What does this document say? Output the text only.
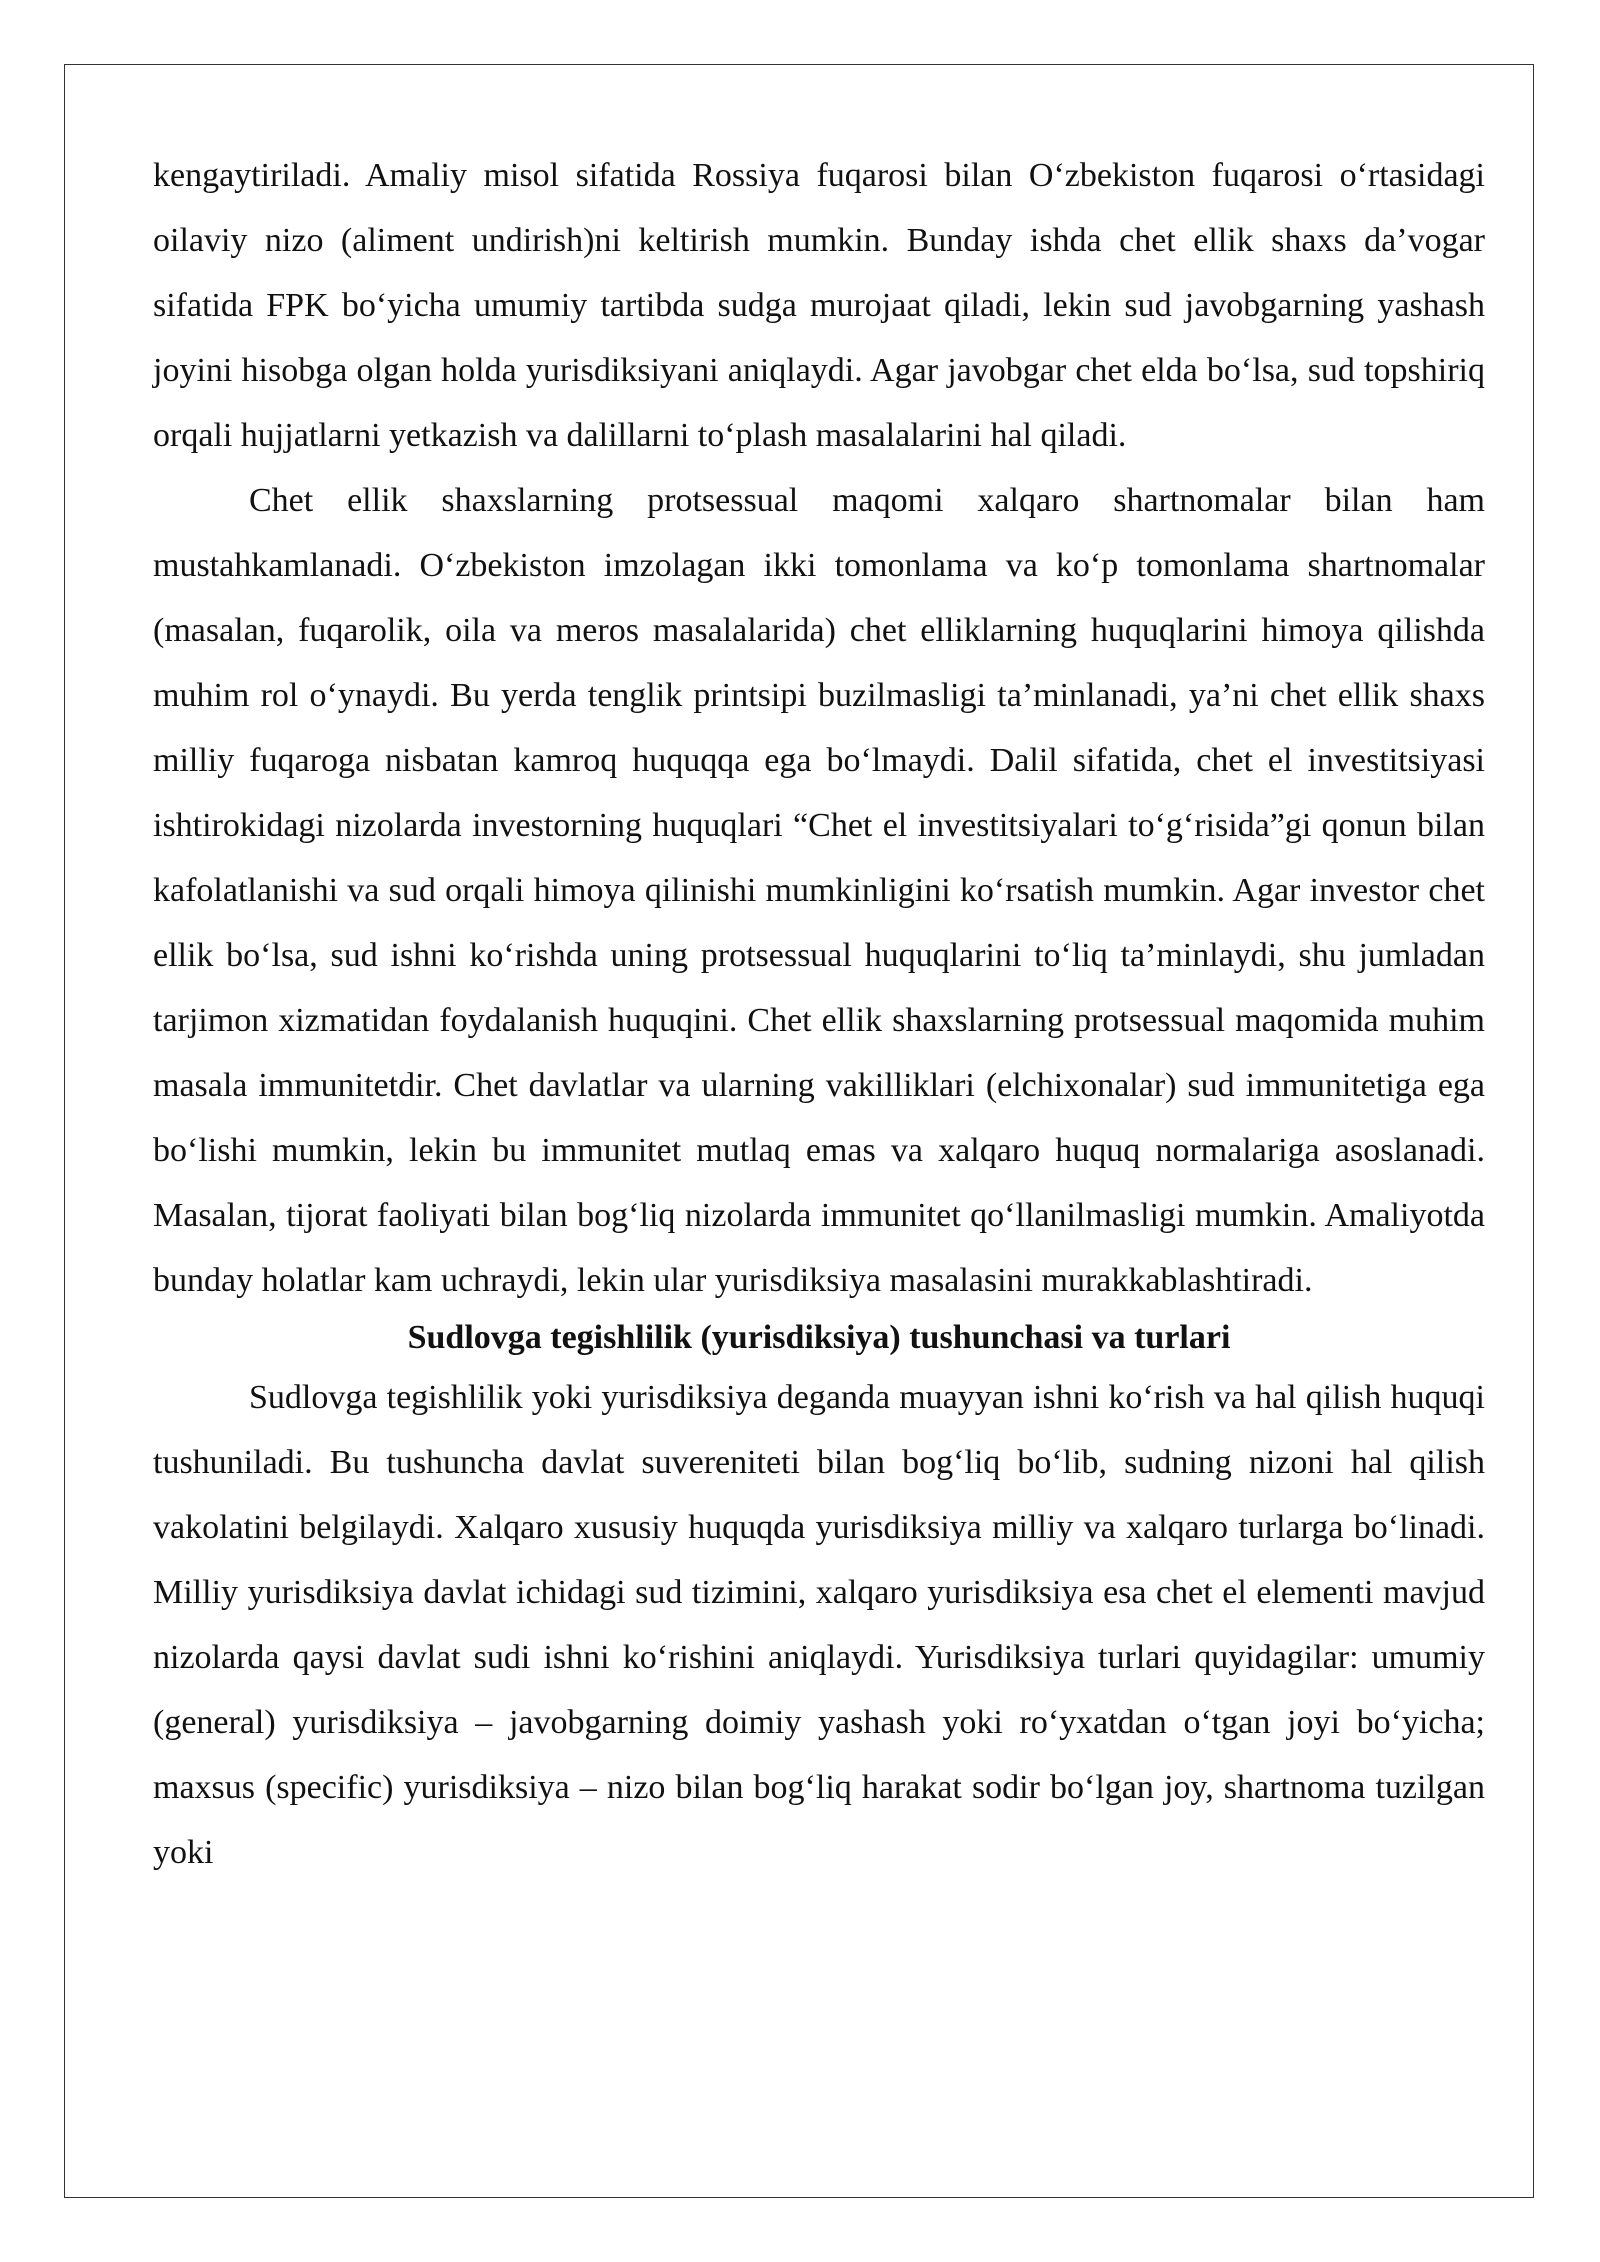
kengaytiriladi. Amaliy misol sifatida Rossiya fuqarosi bilan O‘zbekiston fuqarosi o‘rtasidagi oilaviy nizo (aliment undirish)ni keltirish mumkin. Bunday ishda chet ellik shaxs da’vogar sifatida FPK bo‘yicha umumiy tartibda sudga murojaat qiladi, lekin sud javobgarning yashash joyini hisobga olgan holda yurisdiksiyani aniqlaydi. Agar javobgar chet elda bo‘lsa, sud topshiriq orqali hujjatlarni yetkazish va dalillarni to‘plash masalalarini hal qiladi.

Chet ellik shaxslarning protsessual maqomi xalqaro shartnomalar bilan ham mustahkamlanadi. O‘zbekiston imzolagan ikki tomonlama va ko‘p tomonlama shartnomalar (masalan, fuqarolik, oila va meros masalalarida) chet elliklarning huquqlarini himoya qilishda muhim rol o‘ynaydi. Bu yerda tenglik printsipi buzilmasligi ta’minlanadi, ya’ni chet ellik shaxs milliy fuqaroga nisbatan kamroq huquqqa ega bo‘lmaydi. Dalil sifatida, chet el investitsiyasi ishtirokidagi nizolarda investorning huquqlari “Chet el investitsiyalari to‘g‘risida”gi qonun bilan kafolatlanishi va sud orqali himoya qilinishi mumkinligini ko‘rsatish mumkin. Agar investor chet ellik bo‘lsa, sud ishni ko‘rishda uning protsessual huquqlarini to‘liq ta’minlaydi, shu jumladan tarjimon xizmatidan foydalanish huquqini. Chet ellik shaxslarning protsessual maqomida muhim masala immunitetdir. Chet davlatlar va ularning vakilliklari (elchixonalar) sud immunitetiga ega bo‘lishi mumkin, lekin bu immunitet mutlaq emas va xalqaro huquq normalariga asoslanadi. Masalan, tijorat faoliyati bilan bog‘liq nizolarda immunitet qo‘llanilmasligi mumkin. Amaliyotda bunday holatlar kam uchraydi, lekin ular yurisdiksiya masalasini murakkablashtiradi.

Sudlovga tegishlilik (yurisdiksiya) tushunchasi va turlari

Sudlovga tegishlilik yoki yurisdiksiya deganda muayyan ishni ko‘rish va hal qilish huquqi tushuniladi. Bu tushuncha davlat suvereniteti bilan bog‘liq bo‘lib, sudning nizoni hal qilish vakolatini belgilaydi. Xalqaro xususiy huquqda yurisdiksiya milliy va xalqaro turlarga bo‘linadi. Milliy yurisdiksiya davlat ichidagi sud tizimini, xalqaro yurisdiksiya esa chet el elementi mavjud nizolarda qaysi davlat sudi ishni ko‘rishini aniqlaydi. Yurisdiksiya turlari quyidagilar: umumiy (general) yurisdiksiya – javobgarning doimiy yashash yoki ro‘yxatdan o‘tgan joyi bo‘yicha; maxsus (specific) yurisdiksiya – nizo bilan bog‘liq harakat sodir bo‘lgan joy, shartnoma tuzilgan yoki
